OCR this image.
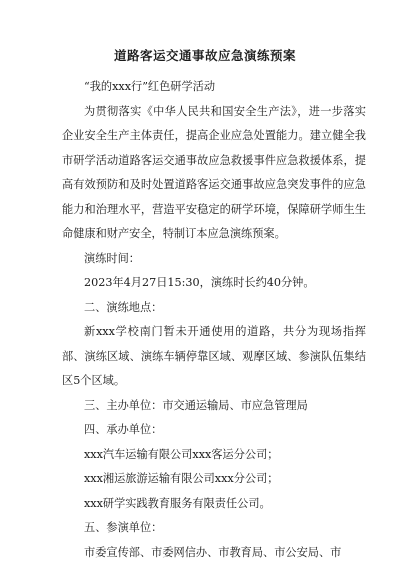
道路客运交通事故应急演练预案

“我的xxx行”红色研学活动

为贯彻落实《中华人民共和国安全生产法》，进一步落实企业安全生产主体责任，提高企业应急处置能力。建立健全我市研学活动道路客运交通事故应急救援事件应急救援体系，提高有效预防和及时处置道路客运交通事故应急突发事件的应急能力和治理水平，营造平安稳定的研学环境，保障研学师生生命健康和财产安全，特制订本应急演练预案。

演练时间：

2023年4月27日15:30，演练时长约40分钟。

二、演练地点：

新xxx学校南门暂未开通使用的道路，共分为现场指挥部、演练区域、演练车辆停靠区域、观摩区域、参演队伍集结区5个区域。

三、主办单位：市交通运输局、市应急管理局

四、承办单位：

xxx汽车运输有限公司xxx客运分公司；

xxx湘运旅游运输有限公司xxx分公司；

xxx研学实践教育服务有限责任公司。

五、参演单位：

市委宣传部、市委网信办、市教育局、市公安局、市
